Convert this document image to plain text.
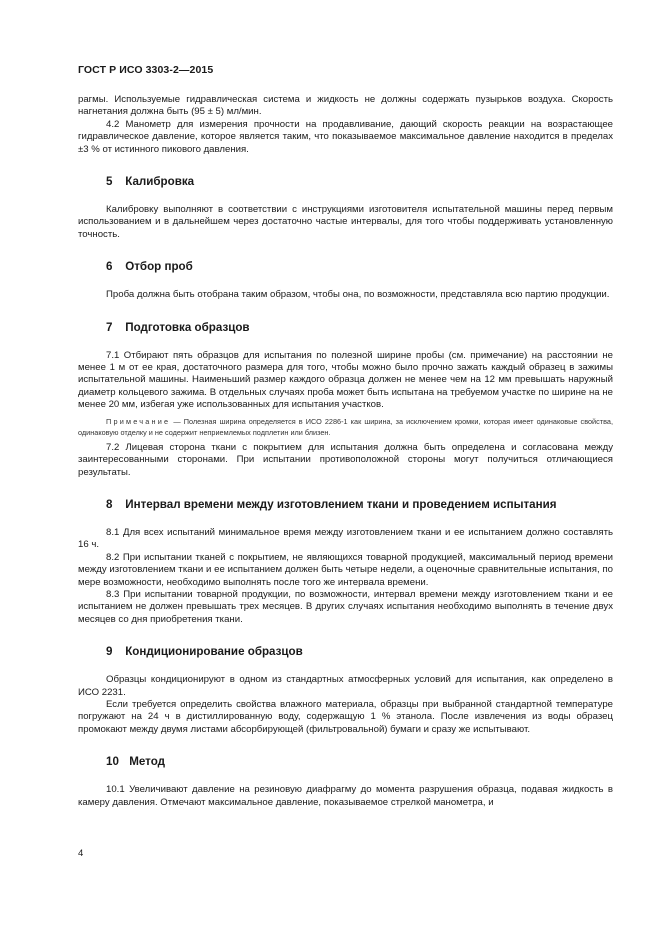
ГОСТ Р ИСО 3303-2—2015

рагмы. Используемые гидравлическая система и жидкость не должны содержать пузырьков воздуха. Скорость нагнетания должна быть (95 ± 5) мл/мин.

4.2 Манометр для измерения прочности на продавливание, дающий скорость реакции на возрастающее гидравлическое давление, которое является таким, что показываемое максимальное давление находится в пределах ±3 % от истинного пикового давления.

5 Калибровка

Калибровку выполняют в соответствии с инструкциями изготовителя испытательной машины перед первым использованием и в дальнейшем через достаточно частые интервалы, для того чтобы поддерживать установленную точность.

6 Отбор проб

Проба должна быть отобрана таким образом, чтобы она, по возможности, представляла всю партию продукции.

7 Подготовка образцов

7.1 Отбирают пять образцов для испытания по полезной ширине пробы (см. примечание) на расстоянии не менее 1 м от ее края, достаточного размера для того, чтобы можно было прочно зажать каждый образец в зажимы испытательной машины. Наименьший размер каждого образца должен не менее чем на 12 мм превышать наружный диаметр кольцевого зажима. В отдельных случаях проба может быть испытана на требуемом участке по ширине на не менее 20 мм, избегая уже использованных для испытания участков.

Примечание — Полезная ширина определяется в ИСО 2286-1 как ширина, за исключением кромки, которая имеет одинаковые свойства, одинаковую отделку и не содержит неприемлемых подплетин или близен.

7.2 Лицевая сторона ткани с покрытием для испытания должна быть определена и согласована между заинтересованными сторонами. При испытании противоположной стороны могут получиться отличающиеся результаты.

8 Интервал времени между изготовлением ткани и проведением испытания

8.1 Для всех испытаний минимальное время между изготовлением ткани и ее испытанием должно составлять 16 ч.

8.2 При испытании тканей с покрытием, не являющихся товарной продукцией, максимальный период времени между изготовлением ткани и ее испытанием должен быть четыре недели, а оценочные сравнительные испытания, по мере возможности, необходимо выполнять после того же интервала времени.

8.3 При испытании товарной продукции, по возможности, интервал времени между изготовлением ткани и ее испытанием не должен превышать трех месяцев. В других случаях испытания необходимо выполнять в течение двух месяцев со дня приобретения ткани.

9 Кондиционирование образцов

Образцы кондиционируют в одном из стандартных атмосферных условий для испытания, как определено в ИСО 2231.

Если требуется определить свойства влажного материала, образцы при выбранной стандартной температуре погружают на 24 ч в дистиллированную воду, содержащую 1 % этанола. После извлечения из воды образец промокают между двумя листами абсорбирующей (фильтровальной) бумаги и сразу же испытывают.

10 Метод

10.1 Увеличивают давление на резиновую диафрагму до момента разрушения образца, подавая жидкость в камеру давления. Отмечают максимальное давление, показываемое стрелкой манометра, и

4
